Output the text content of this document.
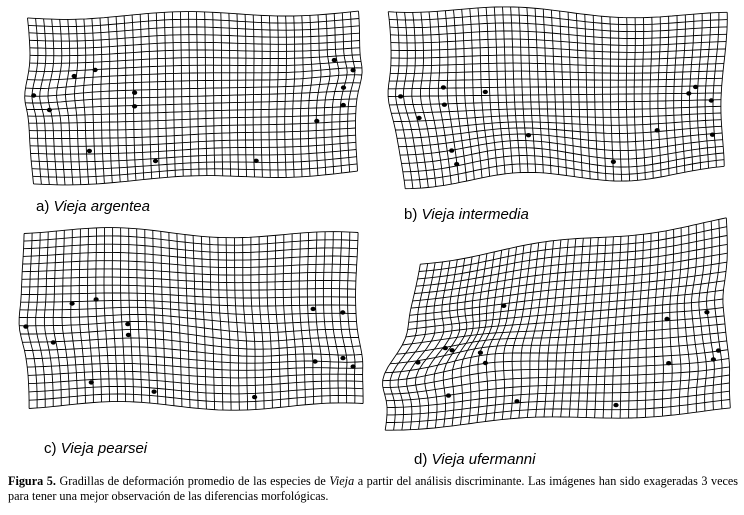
a) Vieja argentea	b) Vieja intermedia
c) Vieja pearsei
d) Vieja ufermanni
Figura 5. Gradillas de deformación promedio de las especies de Vieja a partir del análisis discriminante. Las imágenes han sido exageradas 3 veces para tener una mejor observación de las diferencias morfológicas.
